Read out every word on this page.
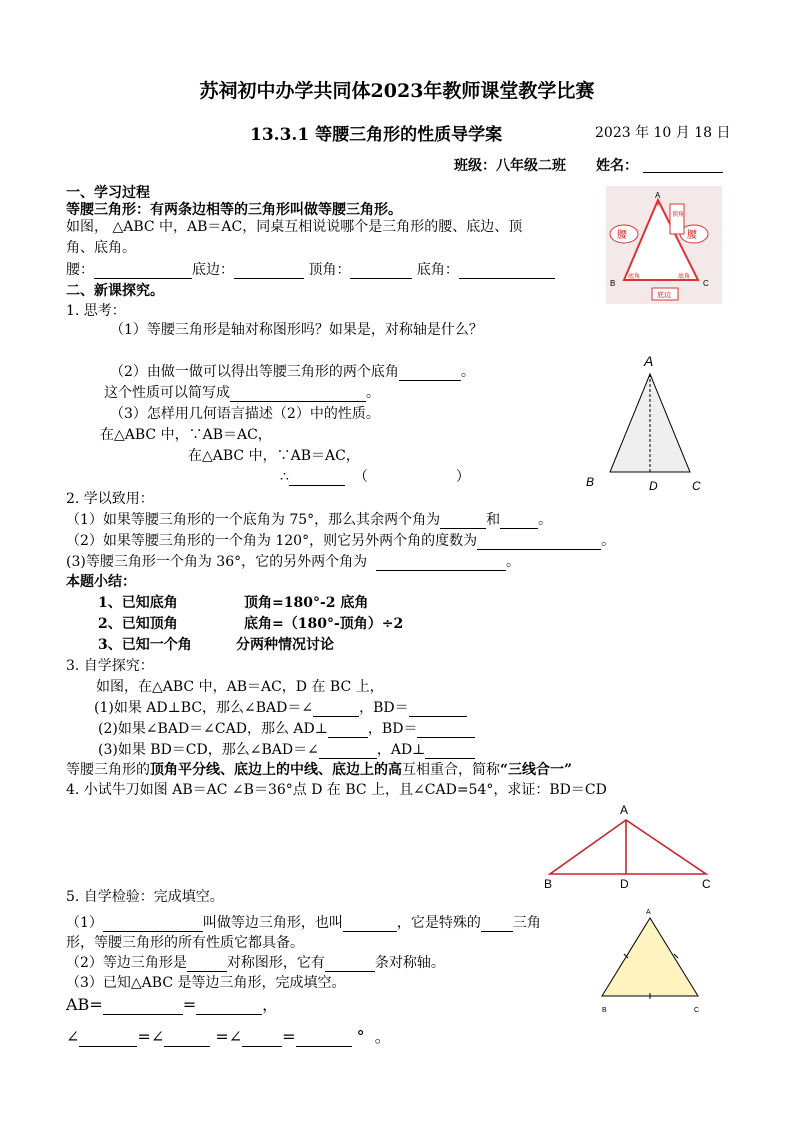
苏祠初中办学共同体2023年教师课堂教学比赛
13.3.1 等腰三角形的性质导学案	2023 年 10 月 18 日
班级：八年级二班 姓名：
一、学习过程
等腰三角形：有两条边相等的三角形叫做等腰三角形。
如图， △ABC 中，AB＝AC，同桌互相说说哪个是三角形的腰、底边、顶
角、底角。
腰：	底边：	顶角：	底角：
A
B	C
腰	腰
顶角
底角	底角
底边
二、新课探究。
1. 思考：
（1）等腰三角形是轴对称图形吗？如果是，对称轴是什么？
（2）由做一做可以得出等腰三角形的两个底角	。
这个性质可以简写成	。
（3）怎样用几何语言描述（2）中的性质。
在△ABC 中，∵AB＝AC，
在△ABC 中，∵AB＝AC，
∴	（	）
A
B	D	C
2. 学以致用：
（1）如果等腰三角形的一个底角为 75°，那么其余两个角为	和	。
（2）如果等腰三角形的一个角为 120°，则它另外两个角的度数为	。
(3)等腰三角形一个角为 36°，它的另外两个角为	。
本题小结：
1、已知底角	顶角=180°-2 底角
2、已知顶角	底角=（180°-顶角）÷2
3、已知一个角	分两种情况讨论
3. 自学探究：
如图，在△ABC 中，AB＝AC，D 在 BC 上，
(1)如果 AD⊥BC，那么∠BAD＝∠	，BD＝
(2)如果∠BAD＝∠CAD，那么 AD⊥	，BD＝
(3)如果 BD＝CD，那么∠BAD＝∠	，AD⊥
等腰三角形的顶角平分线、底边上的中线、底边上的高互相重合，简称“三线合一”
4. 小试牛刀如图 AB＝AC ∠B＝36°点 D 在 BC 上，且∠CAD=54°，求证：BD＝CD
A
B	D	C
5. 自学检验：完成填空。
（1）	叫做等边三角形，也叫	，它是特殊的 三角
形，等腰三角形的所有性质它都具备。
（2）等边三角形是	对称图形，它有	条对称轴。
（3）已知△ABC 是等边三角形，完成填空。
AB=	=	，
∠	=∠	=∠	=	° 。
A
B	C
